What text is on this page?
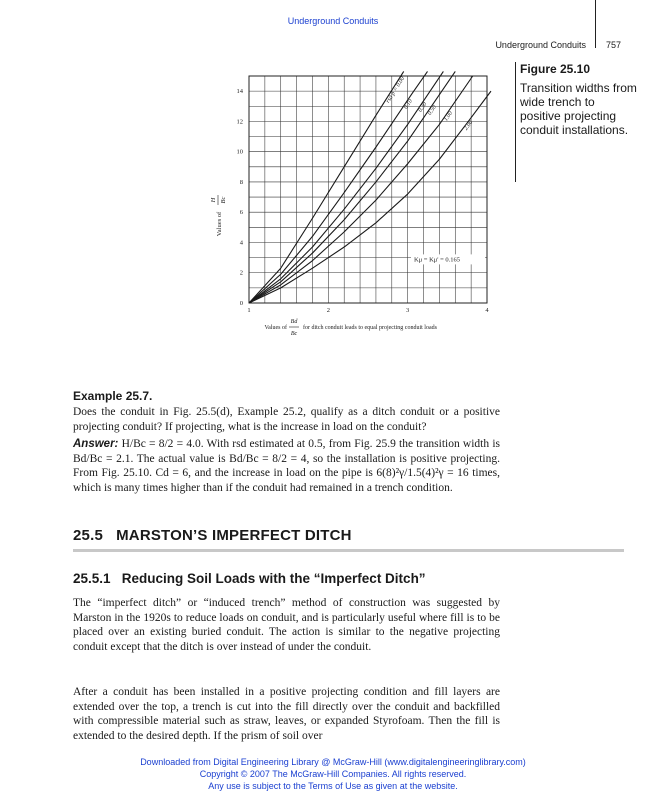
Underground Conduits
Underground Conduits 757
Figure 25.10
Transition widths from wide trench to positive projecting conduit installations.
0
2
4
6
8
10
12
14
1	2	3	4
rsd p = 0.00
0.10 0.30
0.50
1.00
2.00
Kμ = Kμ' = 0.165
Values of
Bd
Bc
for ditch conduit leads to equal projecting conduit loads
Values of
H Bc
Example 25.7.
Does the conduit in Fig. 25.5(d), Example 25.2, qualify as a ditch conduit or a positive projecting conduit? If projecting, what is the increase in load on the conduit?
Answer: H/Bc = 8/2 = 4.0. With rsd estimated at 0.5, from Fig. 25.9 the transition width is Bd/Bc = 2.1. The actual value is Bd/Bc = 8/2 = 4, so the installation is positive projecting. From Fig. 25.10. Cd = 6, and the increase in load on the pipe is 6(8)²γ/1.5(4)²γ = 16 times, which is many times higher than if the conduit had remained in a trench condition.
25.5   MARSTON’S IMPERFECT DITCH
25.5.1   Reducing Soil Loads with the “Imperfect Ditch”
The “imperfect ditch” or “induced trench” method of construction was suggested by Marston in the 1920s to reduce loads on conduit, and is particularly useful where fill is to be placed over an existing buried conduit. The action is similar to the negative projecting conduit except that the ditch is over instead of under the conduit.
After a conduit has been installed in a positive projecting condition and fill layers are extended over the top, a trench is cut into the fill directly over the conduit and backfilled with compressible material such as straw, leaves, or expanded Styrofoam. Then the fill is extended to the desired depth. If the prism of soil over
Downloaded from Digital Engineering Library @ McGraw-Hill (www.digitalengineeringlibrary.com)
Copyright © 2007 The McGraw-Hill Companies. All rights reserved.
Any use is subject to the Terms of Use as given at the website.
